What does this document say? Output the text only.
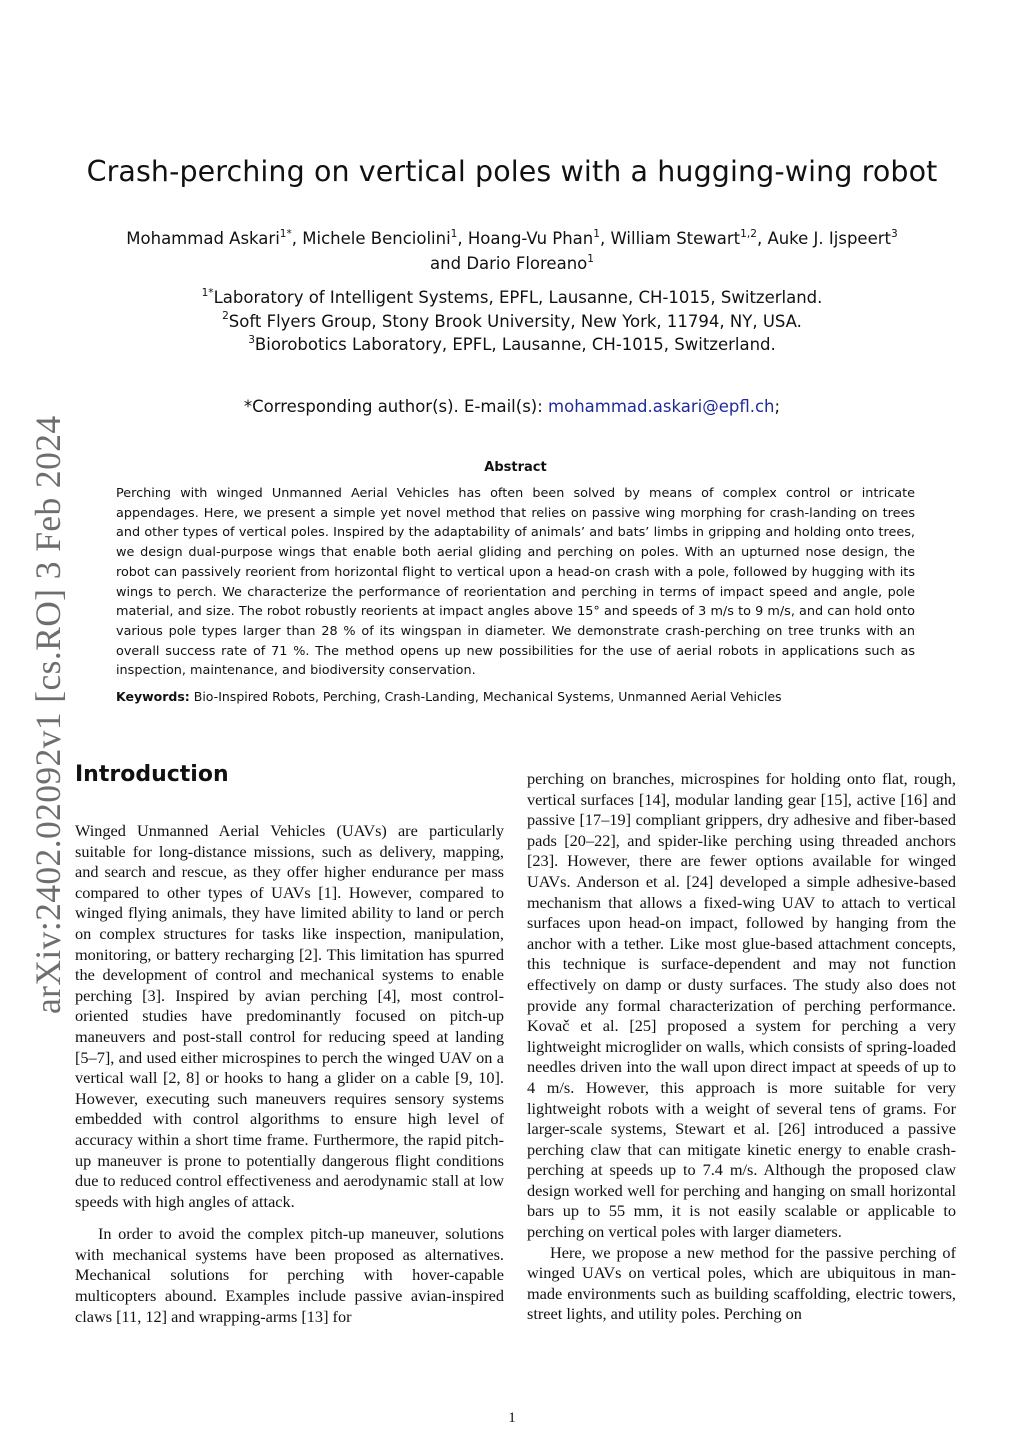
Crash-perching on vertical poles with a hugging-wing robot
Mohammad Askari$^{1*}$, Michele Benciolini$^1$, Hoang-Vu Phan$^1$, William Stewart$^{1,2}$, Auke J. Ijspeert$^3$
and Dario Floreano$^1$
$^{1*}$Laboratory of Intelligent Systems, EPFL, Lausanne, CH-1015, Switzerland.
$^2$Soft Flyers Group, Stony Brook University, New York, 11794, NY, USA.
$^3$Biorobotics Laboratory, EPFL, Lausanne, CH-1015, Switzerland.
*Corresponding author(s). E-mail(s): mohammad.askari@epfl.ch;
Abstract

Perching with winged Unmanned Aerial Vehicles has often been solved by means of complex control or intricate appendages. Here, we present a simple yet novel method that relies on passive wing morphing for crash-landing on trees and other types of vertical poles. Inspired by the adaptability of animals’ and bats’ limbs in gripping and holding onto trees, we design dual-purpose wings that enable both aerial gliding and perching on poles. With an upturned nose design, the robot can passively reorient from horizontal flight to vertical upon a head-on crash with a pole, followed by hugging with its wings to perch. We characterize the performance of reorientation and perching in terms of impact speed and angle, pole material, and size. The robot robustly reorients at impact angles above 15° and speeds of 3 m/s to 9 m/s, and can hold onto various pole types larger than 28 % of its wingspan in diameter. We demonstrate crash-perching on tree trunks with an overall success rate of 71 %. The method opens up new possibilities for the use of aerial robots in applications such as inspection, maintenance, and biodiversity conservation.

Keywords: Bio-Inspired Robots, Perching, Crash-Landing, Mechanical Systems, Unmanned Aerial Vehicles

arXiv:2402.02092v1 [cs.RO] 3 Feb 2024 Introduction

Winged Unmanned Aerial Vehicles (UAVs) are particularly suitable for long-distance missions, such as delivery, mapping, and search and rescue, as they offer higher endurance per mass compared to other types of UAVs [1]. However, compared to winged flying animals, they have limited ability to land or perch on complex structures for tasks like inspection, manipulation, monitoring, or battery recharging [2]. This limitation has spurred the development of control and mechanical systems to enable perching [3]. Inspired by avian perching [4], most control-oriented studies have predominantly focused on pitch-up maneuvers and post-stall control for reducing speed at landing [5–7], and used either microspines to perch the winged UAV on a vertical wall [2, 8] or hooks to hang a glider on a cable [9, 10]. However, executing such maneuvers requires sensory systems embedded with control algorithms to ensure high level of accuracy within a short time frame. Furthermore, the rapid pitch-up maneuver is prone to potentially dangerous flight conditions due to reduced control effectiveness and aerodynamic stall at low speeds with high angles of attack.

In order to avoid the complex pitch-up maneuver, solutions with mechanical systems have been proposed as alternatives. Mechanical solutions for perching with hover-capable multicopters abound. Examples include passive avian-inspired claws [11, 12] and wrapping-arms [13] for

perching on branches, microspines for holding onto flat, rough, vertical surfaces [14], modular landing gear [15], active [16] and passive [17–19] compliant grippers, dry adhesive and fiber-based pads [20–22], and spider-like perching using threaded anchors [23]. However, there are fewer options available for winged UAVs. Anderson et al. [24] developed a simple adhesive-based mechanism that allows a fixed-wing UAV to attach to vertical surfaces upon head-on impact, followed by hanging from the anchor with a tether. Like most glue-based attachment concepts, this technique is surface-dependent and may not function effectively on damp or dusty surfaces. The study also does not provide any formal characterization of perching performance. Kovač et al. [25] proposed a system for perching a very lightweight microglider on walls, which consists of spring-loaded needles driven into the wall upon direct impact at speeds of up to 4 m/s. However, this approach is more suitable for very lightweight robots with a weight of several tens of grams. For larger-scale systems, Stewart et al. [26] introduced a passive perching claw that can mitigate kinetic energy to enable crash-perching at speeds up to 7.4 m/s. Although the proposed claw design worked well for perching and hanging on small horizontal bars up to 55 mm, it is not easily scalable or applicable to perching on vertical poles with larger diameters.

Here, we propose a new method for the passive perching of winged UAVs on vertical poles, which are ubiquitous in man-made environments such as building scaffolding, electric towers, street lights, and utility poles. Perching on

1
